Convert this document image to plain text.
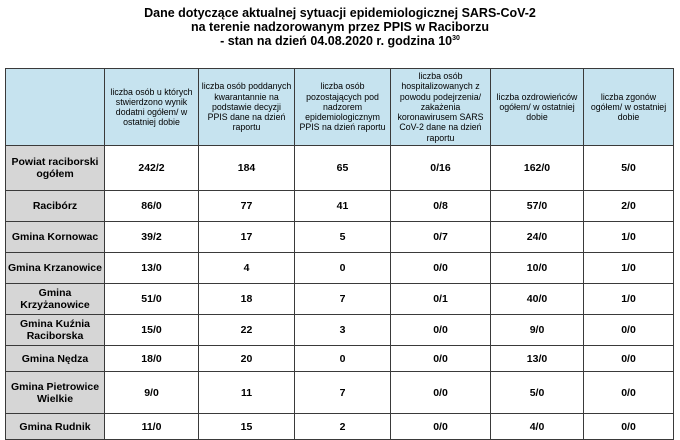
Dane dotyczące aktualnej sytuacji epidemiologicznej SARS-CoV-2
na terenie nadzorowanym przez PPIS w Raciborzu
- stan na dzień 04.08.2020 r. godzina $10^{30}$
	liczba osób u których stwierdzono wynik dodatni ogółem/ w ostatniej dobie	liczba osób poddanych kwarantannie na podstawie decyzji PPIS dane na dzień raportu	liczba osób pozostających pod nadzorem epidemiologicznym PPIS na dzień raportu	liczba osób hospitalizowanych z powodu podejrzenia/ zakażenia koronawirusem SARS CoV-2 dane na dzień raportu	liczba ozdrowieńców ogółem/ w ostatniej dobie	liczba zgonów ogółem/ w ostatniej dobie
Powiat raciborski ogółem	242/2	184	65	0/16	162/0	5/0
Racibórz	86/0	77	41	0/8	57/0	2/0
Gmina Kornowac	39/2	17	5	0/7	24/0	1/0
Gmina Krzanowice	13/0	4	0	0/0	10/0	1/0
Gmina Krzyżanowice	51/0	18	7	0/1	40/0	1/0
Gmina Kuźnia Raciborska	15/0	22	3	0/0	9/0	0/0
Gmina Nędza	18/0	20	0	0/0	13/0	0/0
Gmina Pietrowice Wielkie	9/0	11	7	0/0	5/0	0/0
Gmina Rudnik	11/0	15	2	0/0	4/0	0/0
